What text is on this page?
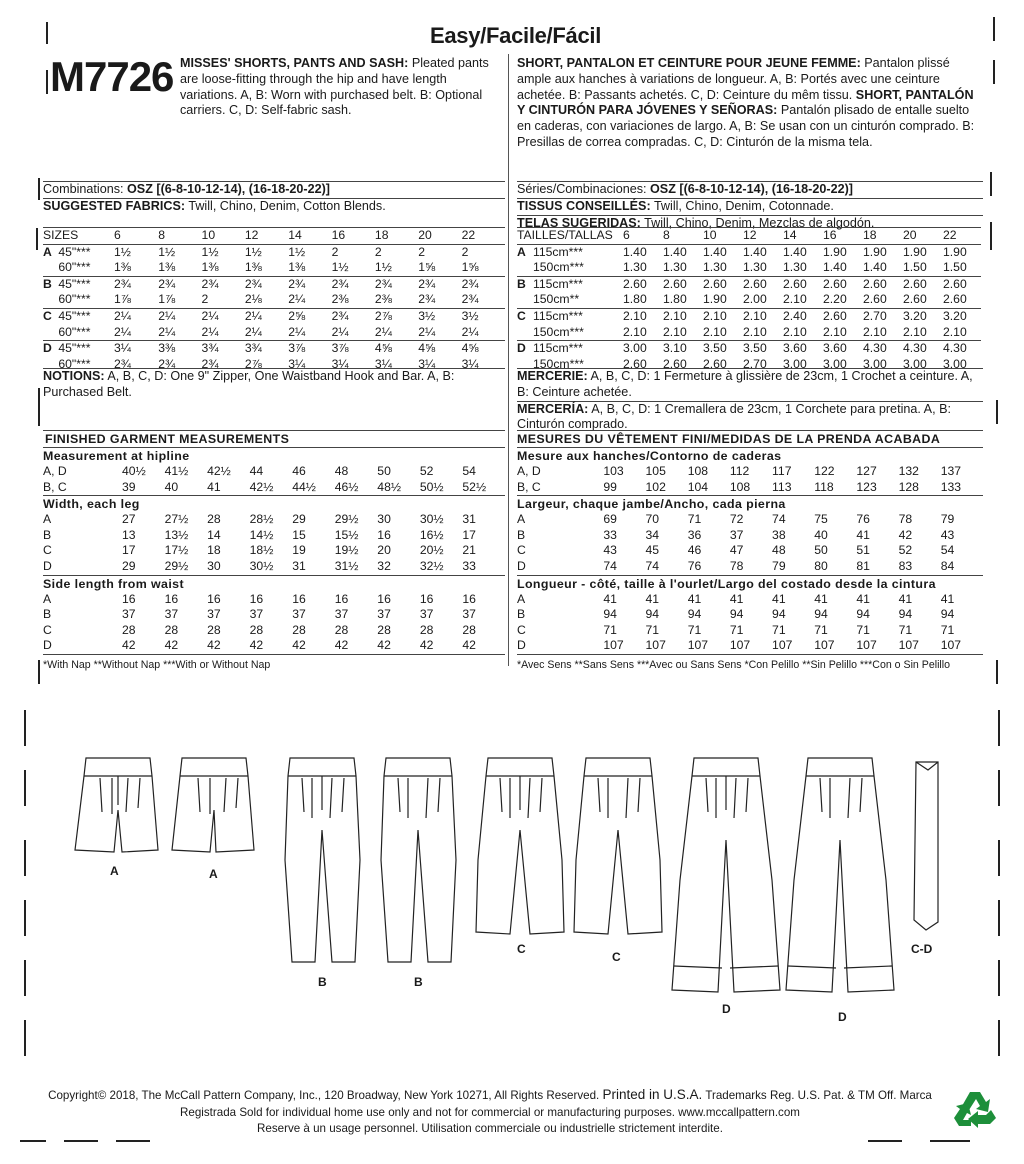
Easy/Facile/Fácil
M7726 MISSES' SHORTS, PANTS AND SASH: Pleated pants are loose-fitting through the hip and have length variations. A, B: Worn with purchased belt. B: Optional carriers. C, D: Self-fabric sash.
SHORT, PANTALON ET CEINTURE POUR JEUNE FEMME: Pantalon plissé ample aux hanches à variations de longueur. A, B: Portés avec une ceinture achetée. B: Passants achetés. C, D: Ceinture du mêm tissu. SHORT, PANTALÓN Y CINTURÓN PARA JÓVENES Y SEÑORAS: Pantalón plisado de entalle suelto en caderas, con variaciones de largo. A, B: Se usan con un cinturón comprado. B: Presillas de correa compradas. C, D: Cinturón de la misma tela.
Combinations: OSZ [(6-8-10-12-14), (16-18-20-22)]
SUGGESTED FABRICS: Twill, Chino, Denim, Cotton Blends.
Séries/Combinaciones: OSZ [(6-8-10-12-14), (16-18-20-22)]
TISSUS CONSEILLÉS: Twill, Chino, Denim, Cotonnade.
TELAS SUGERIDAS: Twill, Chino, Denim, Mezclas de algodón.
SIZES		6	8	10	12	14	16	18	20	22
A	45"***	1½	1½	1½	1½	1½	2	2	2	2
	60"***	1⅜	1⅜	1⅜	1⅜	1⅜	1½	1½	1⅝	1⅝
B	45"***	2¾	2¾	2¾	2¾	2¾	2¾	2¾	2¾	2¾
	60"***	1⅞	1⅞	2	2⅛	2¼	2⅜	2⅜	2¾	2¾
C	45"***	2¼	2¼	2¼	2¼	2⅝	2¾	2⅞	3½	3½
	60"***	2¼	2¼	2¼	2¼	2¼	2¼	2¼	2¼	2¼
D	45"***	3¼	3⅜	3¾	3¾	3⅞	3⅞	4⅝	4⅝	4⅝
	60"***	2¾	2¾	2¾	2⅞	3¼	3¼	3¼	3¼	3¼
TAILLES/TALLAS		6	8	10	12	14	16	18	20	22
A	115cm***	1.40	1.40	1.40	1.40	1.40	1.90	1.90	1.90	1.90
	150cm***	1.30	1.30	1.30	1.30	1.30	1.40	1.40	1.50	1.50
B	115cm***	2.60	2.60	2.60	2.60	2.60	2.60	2.60	2.60	2.60
	150cm**	1.80	1.80	1.90	2.00	2.10	2.20	2.60	2.60	2.60
C	115cm***	2.10	2.10	2.10	2.10	2.40	2.60	2.70	3.20	3.20
	150cm***	2.10	2.10	2.10	2.10	2.10	2.10	2.10	2.10	2.10
D	115cm***	3.00	3.10	3.50	3.50	3.60	3.60	4.30	4.30	4.30
	150cm***	2.60	2.60	2.60	2.70	3.00	3.00	3.00	3.00	3.00
NOTIONS: A, B, C, D: One 9" Zipper, One Waistband Hook and Bar. A, B: Purchased Belt.
MERCERIE: A, B, C, D: 1 Fermeture à glissière de 23cm, 1 Crochet a ceinture. A, B: Ceinture achetée.
MERCERÍA: A, B, C, D: 1 Cremallera de 23cm, 1 Corchete para pretina. A, B: Cinturón comprado.
FINISHED GARMENT MEASUREMENTS
Measurement at hipline
A, D	40½	41½	42½	44	46	48	50	52	54
B, C	39	40	41	42½	44½	46½	48½	50½	52½
Width, each leg
A	27	27½	28	28½	29	29½	30	30½	31
B	13	13½	14	14½	15	15½	16	16½	17
C	17	17½	18	18½	19	19½	20	20½	21
D	29	29½	30	30½	31	31½	32	32½	33
Side length from waist
A	16	16	16	16	16	16	16	16	16
B	37	37	37	37	37	37	37	37	37
C	28	28	28	28	28	28	28	28	28
D	42	42	42	42	42	42	42	42	42
*With Nap **Without Nap ***With or Without Nap
MESURES DU VÊTEMENT FINI/MEDIDAS DE LA PRENDA ACABADA
Mesure aux hanches/Contorno de caderas
A, D	103	105	108	112	117	122	127	132	137
B, C	99	102	104	108	113	118	123	128	133
Largeur, chaque jambe/Ancho, cada pierna
A	69	70	71	72	74	75	76	78	79
B	33	34	36	37	38	40	41	42	43
C	43	45	46	47	48	50	51	52	54
D	74	74	76	78	79	80	81	83	84
Longueur - côté, taille à l'ourlet/Largo del costado desde la cintura
A	41	41	41	41	41	41	41	41	41
B	94	94	94	94	94	94	94	94	94
C	71	71	71	71	71	71	71	71	71
D	107	107	107	107	107	107	107	107	107
*Avec Sens **Sans Sens ***Avec ou Sans Sens *Con Pelillo **Sin Pelillo ***Con o Sin Pelillo
A	A
B	B
C
C
D
D
C-D
Copyright© 2018, The McCall Pattern Company, Inc., 120 Broadway, New York 10271, All Rights Reserved. Printed in U.S.A. Trademarks Reg. U.S. Pat. & TM Off. Marca
Registrada Sold for individual home use only and not for commercial or manufacturing purposes. www.mccallpattern.com
Reserve à un usage personnel. Utilisation commerciale ou industrielle strictement interdite.
